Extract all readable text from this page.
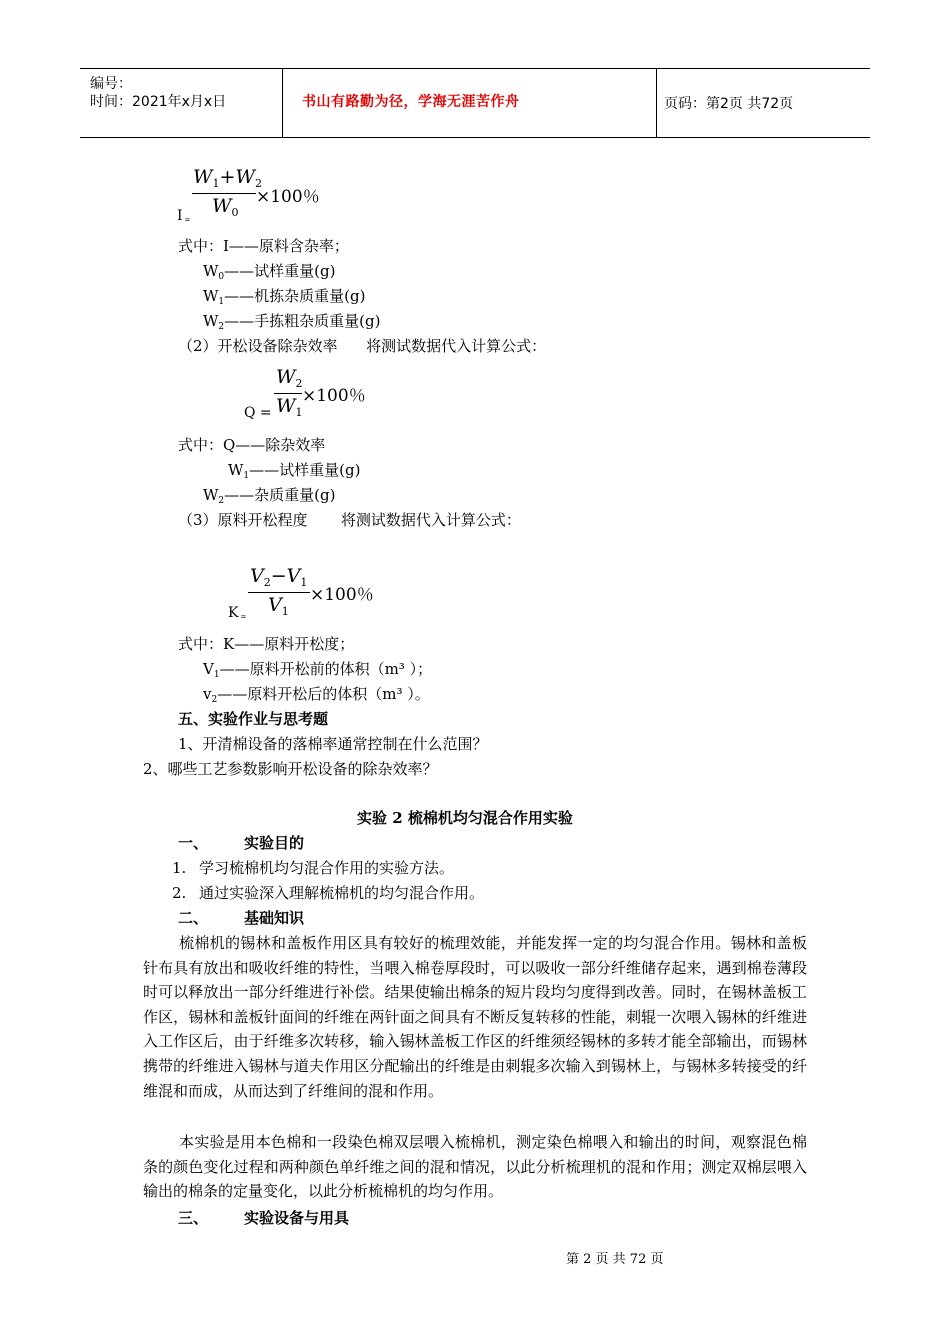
编号：
时间：2021年x月x日	书山有路勤为径，学海无涯苦作舟	页码：第2页 共72页
I =
$W_1+W_2$
$W_0$
×100％
式中：I——原料含杂率；
$W_0——$试样重量(g)
$W_1——$机拣杂质重量(g)
$W_2——$手拣粗杂质重量(g)
（2）开松设备除杂效率      将测试数据代入计算公式：
Q =
$W_2$
$W_1$
×100％
式中：Q——除杂效率
$W_1——$试样重量(g)
$W_2——$杂质重量(g)
（3）原料开松程度       将测试数据代入计算公式：
K =
$V_2-V_1$
$V_1$
×100％
式中：K——原料开松度；
$V_1——$原料开松前的体积（m³ ）；
$v_2——$原料开松后的体积（m³ ）。
五、实验作业与思考题
1、开清棉设备的落棉率通常控制在什么范围？
2、哪些工艺参数影响开松设备的除杂效率？
实验 2 梳棉机均匀混合作用实验
一、 实验目的
1. 学习梳棉机均匀混合作用的实验方法。
2. 通过实验深入理解梳棉机的均匀混合作用。
二、 基础知识
梳棉机的锡林和盖板作用区具有较好的梳理效能，并能发挥一定的均匀混合作用。锡林和盖板针布具有放出和吸收纤维的特性，当喂入棉卷厚段时，可以吸收一部分纤维储存起来，遇到棉卷薄段时可以释放出一部分纤维进行补偿。结果使输出棉条的短片段均匀度得到改善。同时，在锡林盖板工作区，锡林和盖板针面间的纤维在两针面之间具有不断反复转移的性能，刺辊一次喂入锡林的纤维进入工作区后，由于纤维多次转移，输入锡林盖板工作区的纤维须经锡林的多转才能全部输出，而锡林携带的纤维进入锡林与道夫作用区分配输出的纤维是由刺辊多次输入到锡林上，与锡林多转接受的纤维混和而成，从而达到了纤维间的混和作用。
本实验是用本色棉和一段染色棉双层喂入梳棉机，测定染色棉喂入和输出的时间，观察混色棉条的颜色变化过程和两种颜色单纤维之间的混和情况，以此分析梳理机的混和作用；测定双棉层喂入输出的棉条的定量变化，以此分析梳棉机的均匀作用。
三、 实验设备与用具
第 2 页 共 72 页
